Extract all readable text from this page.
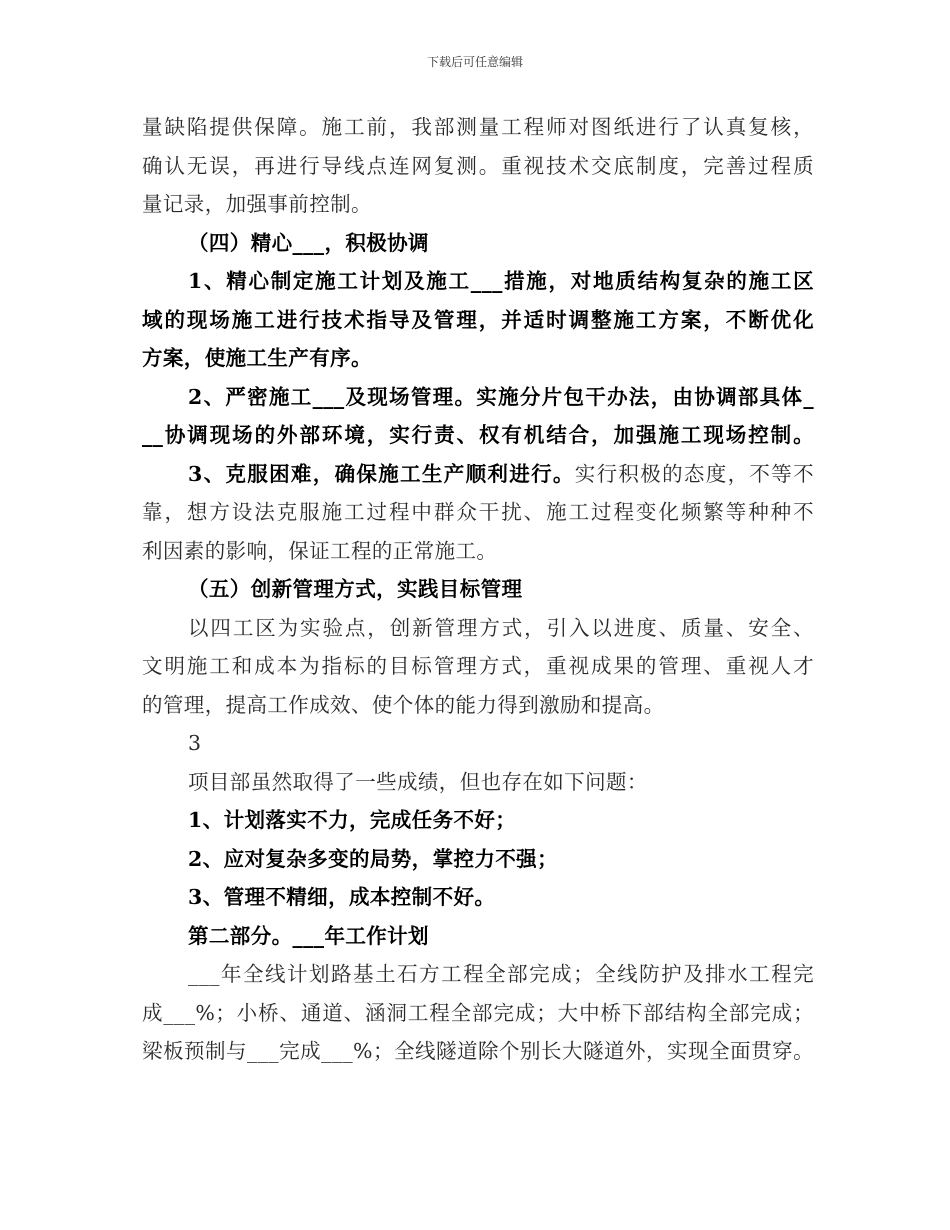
下载后可任意编辑
量缺陷提供保障。施工前，我部测量工程师对图纸进行了认真复核，
确认无误，再进行导线点连网复测。重视技术交底制度，完善过程质
量记录，加强事前控制。
（四）精心___，积极协调
1、精心制定施工计划及施工___措施，对地质结构复杂的施工区
域的现场施工进行技术指导及管理，并适时调整施工方案，不断优化
方案，使施工生产有序。
2、严密施工___及现场管理。实施分片包干办法，由协调部具体_
__协调现场的外部环境，实行责、权有机结合，加强施工现场控制。
3、克服困难，确保施工生产顺利进行。实行积极的态度，不等不
靠，想方设法克服施工过程中群众干扰、施工过程变化频繁等种种不
利因素的影响，保证工程的正常施工。
（五）创新管理方式，实践目标管理
以四工区为实验点，创新管理方式，引入以进度、质量、安全、
文明施工和成本为指标的目标管理方式，重视成果的管理、重视人才
的管理，提高工作成效、使个体的能力得到激励和提高。
3
项目部虽然取得了一些成绩，但也存在如下问题：
1、计划落实不力，完成任务不好；
2、应对复杂多变的局势，掌控力不强；
3、管理不精细，成本控制不好。
第二部分。___年工作计划
___年全线计划路基土石方工程全部完成；全线防护及排水工程完
成___%；小桥、通道、涵洞工程全部完成；大中桥下部结构全部完成；
梁板预制与___完成___%；全线隧道除个别长大隧道外，实现全面贯穿。
